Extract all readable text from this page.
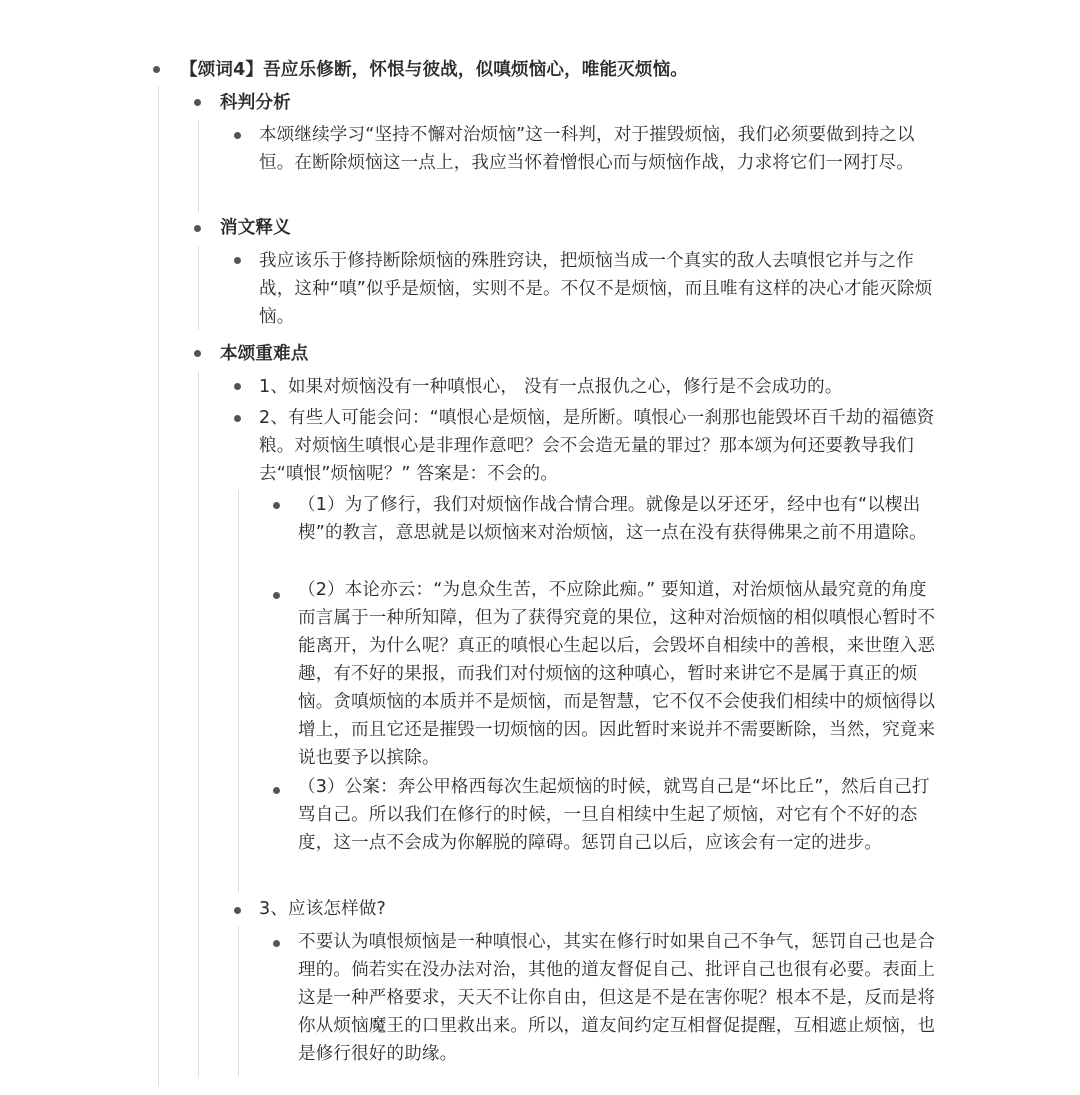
【颂词4】吾应乐修断，怀恨与彼战，似嗔烦恼心，唯能灭烦恼。
科判分析
本颂继续学习“坚持不懈对治烦恼”这一科判，对于摧毁烦恼，我们必须要做到持之以恒。在断除烦恼这一点上，我应当怀着憎恨心而与烦恼作战，力求将它们一网打尽。
消文释义
我应该乐于修持断除烦恼的殊胜窍诀，把烦恼当成一个真实的敌人去嗔恨它并与之作战，这种“嗔”似乎是烦恼，实则不是。不仅不是烦恼，而且唯有这样的决心才能灭除烦恼。
本颂重难点
1、如果对烦恼没有一种嗔恨心， 没有一点报仇之心，修行是不会成功的。
2、有些人可能会问：“嗔恨心是烦恼，是所断。嗔恨心一刹那也能毁坏百千劫的福德资粮。对烦恼生嗔恨心是非理作意吧？会不会造无量的罪过？那本颂为何还要教导我们去“嗔恨”烦恼呢？” 答案是：不会的。
（1）为了修行，我们对烦恼作战合情合理。就像是以牙还牙，经中也有“以楔出楔”的教言，意思就是以烦恼来对治烦恼，这一点在没有获得佛果之前不用遣除。
（2）本论亦云：“为息众生苦，不应除此痴。” 要知道，对治烦恼从最究竟的角度而言属于一种所知障，但为了获得究竟的果位，这种对治烦恼的相似嗔恨心暂时不能离开，为什么呢？真正的嗔恨心生起以后，会毁坏自相续中的善根，来世堕入恶趣，有不好的果报，而我们对付烦恼的这种嗔心，暂时来讲它不是属于真正的烦恼。贪嗔烦恼的本质并不是烦恼，而是智慧，它不仅不会使我们相续中的烦恼得以增上，而且它还是摧毁一切烦恼的因。因此暂时来说并不需要断除，当然，究竟来说也要予以摈除。
（3）公案：奔公甲格西每次生起烦恼的时候，就骂自己是“坏比丘”，然后自己打骂自己。所以我们在修行的时候，一旦自相续中生起了烦恼，对它有个不好的态度，这一点不会成为你解脱的障碍。惩罚自己以后，应该会有一定的进步。
3、应该怎样做?
不要认为嗔恨烦恼是一种嗔恨心，其实在修行时如果自己不争气，惩罚自己也是合理的。倘若实在没办法对治，其他的道友督促自己、批评自己也很有必要。表面上这是一种严格要求，天天不让你自由，但这是不是在害你呢？根本不是，反而是将你从烦恼魔王的口里救出来。所以，道友间约定互相督促提醒，互相遮止烦恼，也是修行很好的助缘。
